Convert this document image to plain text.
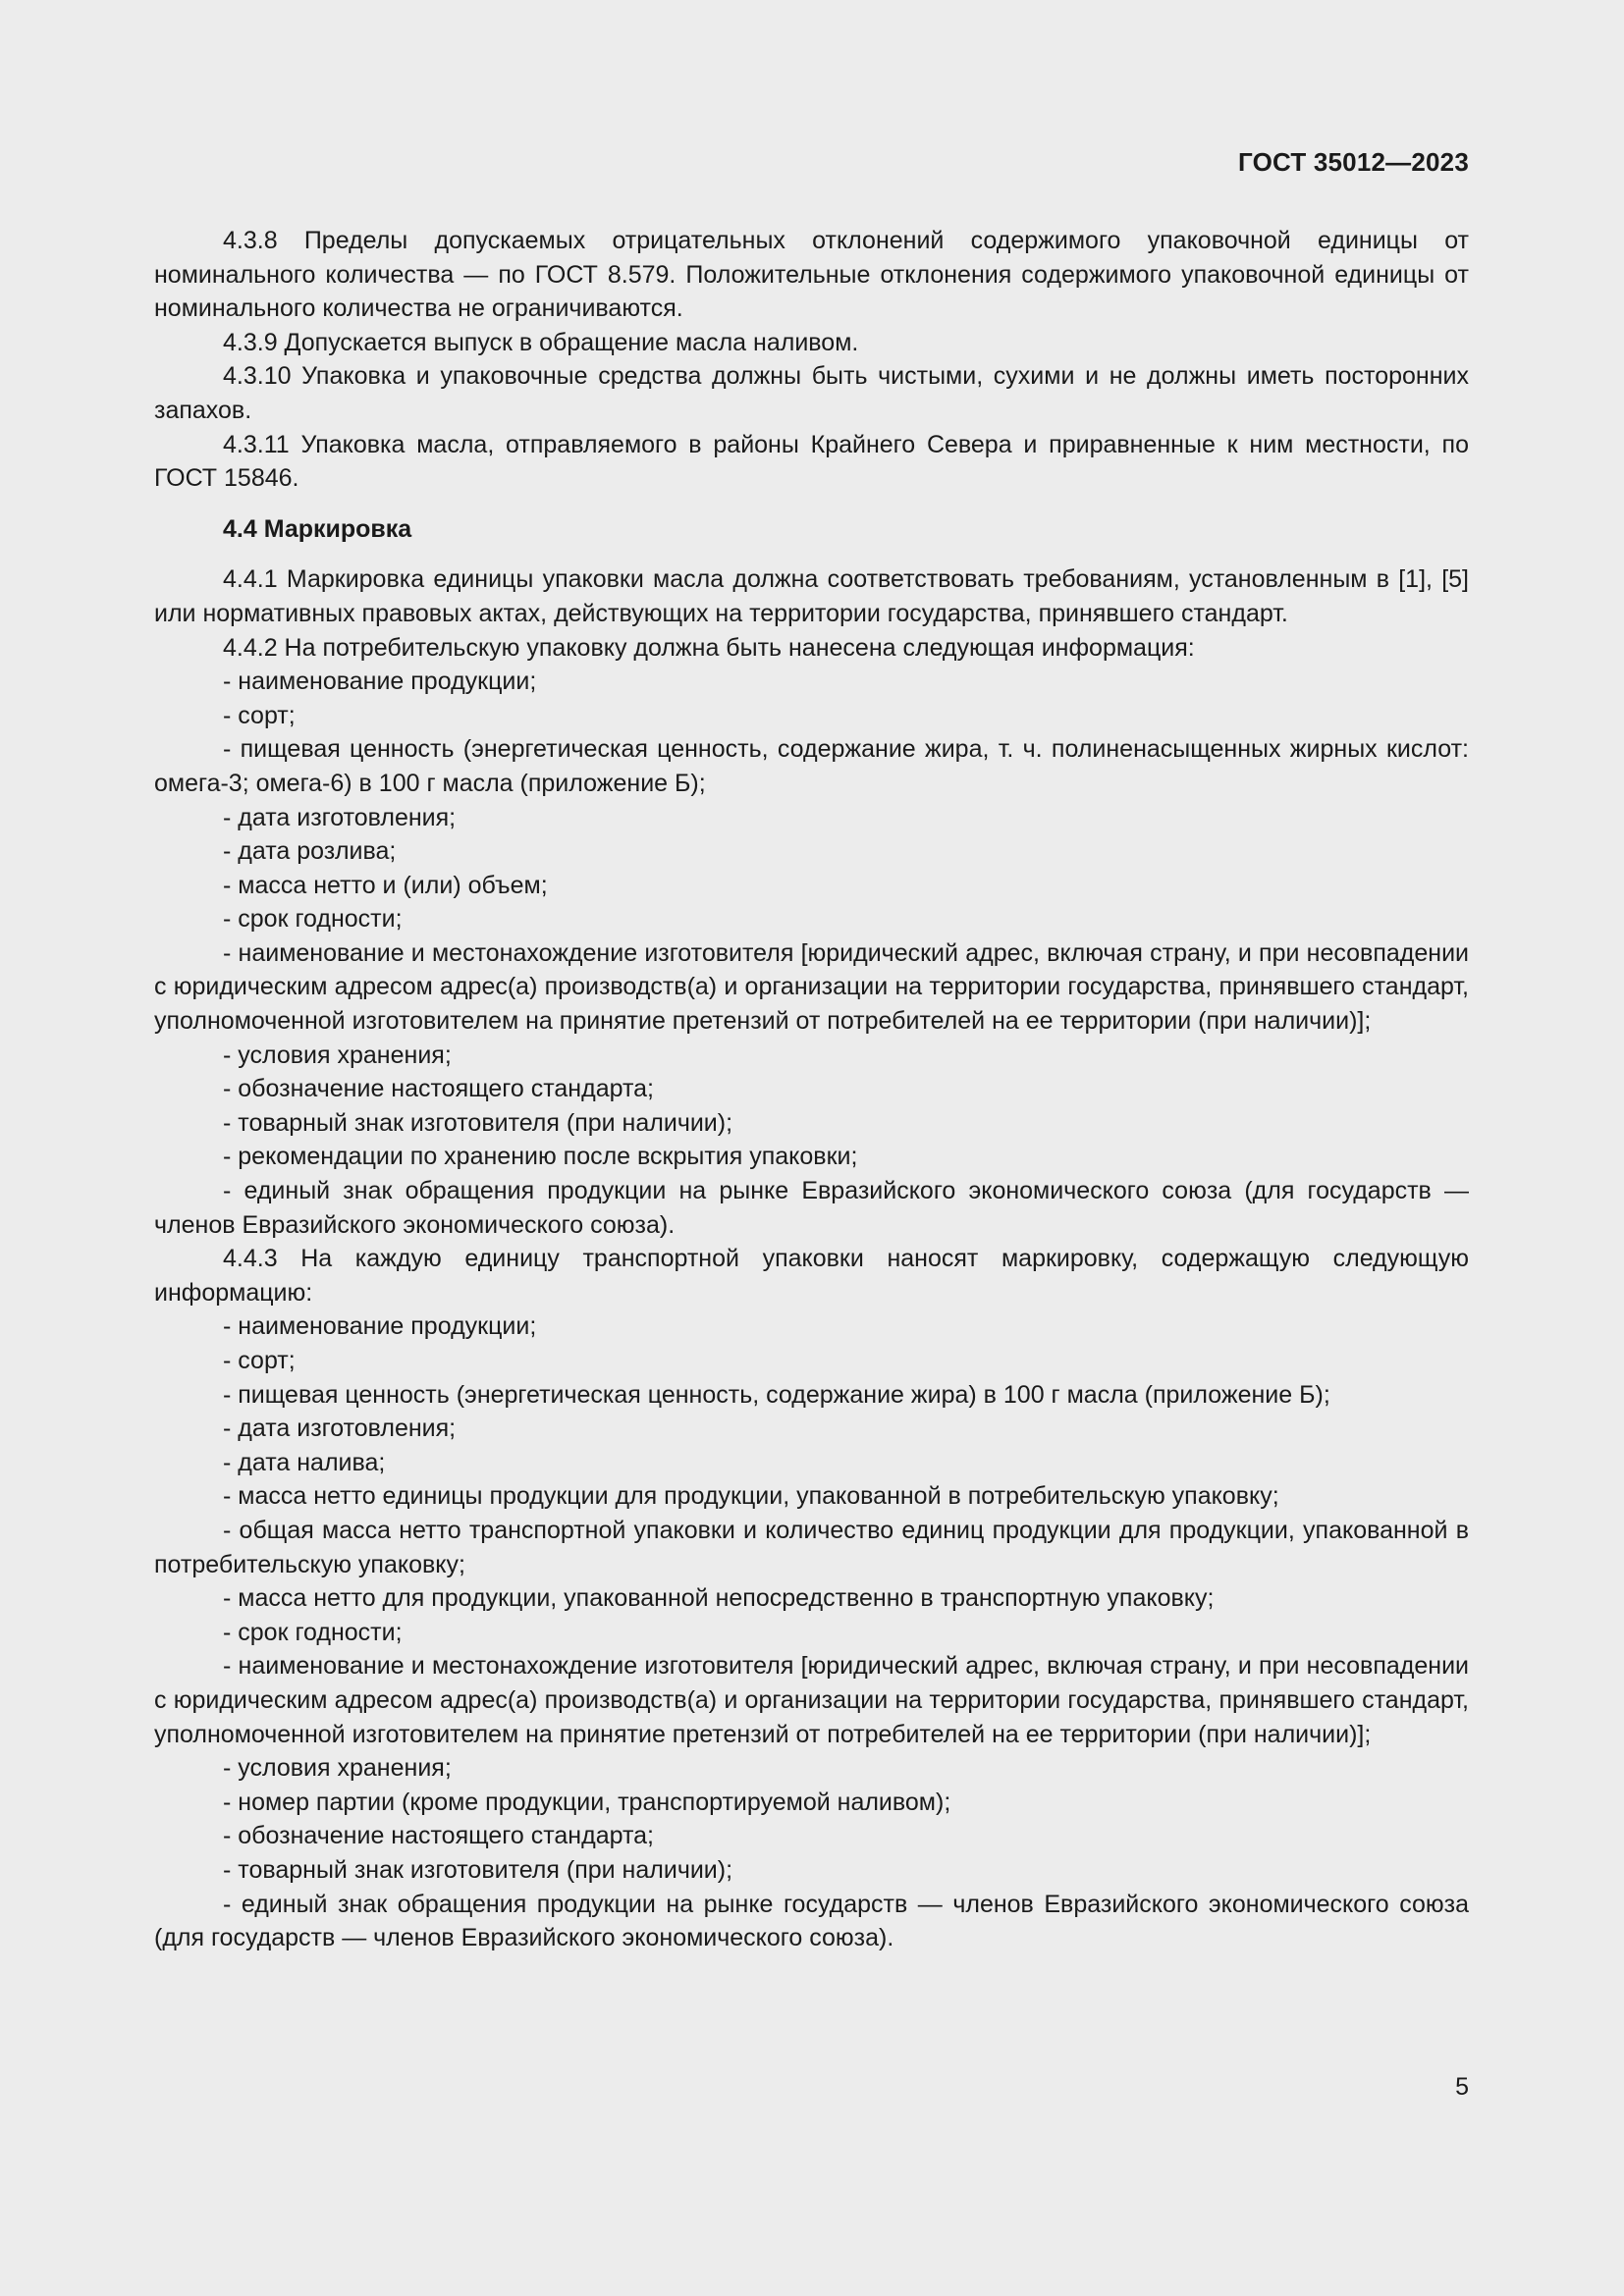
ГОСТ 35012—2023

4.3.8 Пределы допускаемых отрицательных отклонений содержимого упаковочной единицы от номинального количества — по ГОСТ 8.579. Положительные отклонения содержимого упаковочной единицы от номинального количества не ограничиваются.

4.3.9 Допускается выпуск в обращение масла наливом.

4.3.10 Упаковка и упаковочные средства должны быть чистыми, сухими и не должны иметь посторонних запахов.

4.3.11 Упаковка масла, отправляемого в районы Крайнего Севера и приравненные к ним местности, по ГОСТ 15846.

4.4 Маркировка

4.4.1 Маркировка единицы упаковки масла должна соответствовать требованиям, установленным в [1], [5] или нормативных правовых актах, действующих на территории государства, принявшего стандарт.

4.4.2 На потребительскую упаковку должна быть нанесена следующая информация:

- наименование продукции;

- сорт;

- пищевая ценность (энергетическая ценность, содержание жира, т. ч. полиненасыщенных жирных кислот: омега-3; омега-6) в 100 г масла (приложение Б);

- дата изготовления;

- дата розлива;

- масса нетто и (или) объем;

- срок годности;

- наименование и местонахождение изготовителя [юридический адрес, включая страну, и при несовпадении с юридическим адресом адрес(а) производств(а) и организации на территории государства, принявшего стандарт, уполномоченной изготовителем на принятие претензий от потребителей на ее территории (при наличии)];

- условия хранения;

- обозначение настоящего стандарта;

- товарный знак изготовителя (при наличии);

- рекомендации по хранению после вскрытия упаковки;

- единый знак обращения продукции на рынке Евразийского экономического союза (для государств — членов Евразийского экономического союза).

4.4.3 На каждую единицу транспортной упаковки наносят маркировку, содержащую следующую информацию:

- наименование продукции;

- сорт;

- пищевая ценность (энергетическая ценность, содержание жира) в 100 г масла (приложение Б);

- дата изготовления;

- дата налива;

- масса нетто единицы продукции для продукции, упакованной в потребительскую упаковку;

- общая масса нетто транспортной упаковки и количество единиц продукции для продукции, упакованной в потребительскую упаковку;

- масса нетто для продукции, упакованной непосредственно в транспортную упаковку;

- срок годности;

- наименование и местонахождение изготовителя [юридический адрес, включая страну, и при несовпадении с юридическим адресом адрес(а) производств(а) и организации на территории государства, принявшего стандарт, уполномоченной изготовителем на принятие претензий от потребителей на ее территории (при наличии)];

- условия хранения;

- номер партии (кроме продукции, транспортируемой наливом);

- обозначение настоящего стандарта;

- товарный знак изготовителя (при наличии);

- единый знак обращения продукции на рынке государств — членов Евразийского экономического союза (для государств — членов Евразийского экономического союза).

5
